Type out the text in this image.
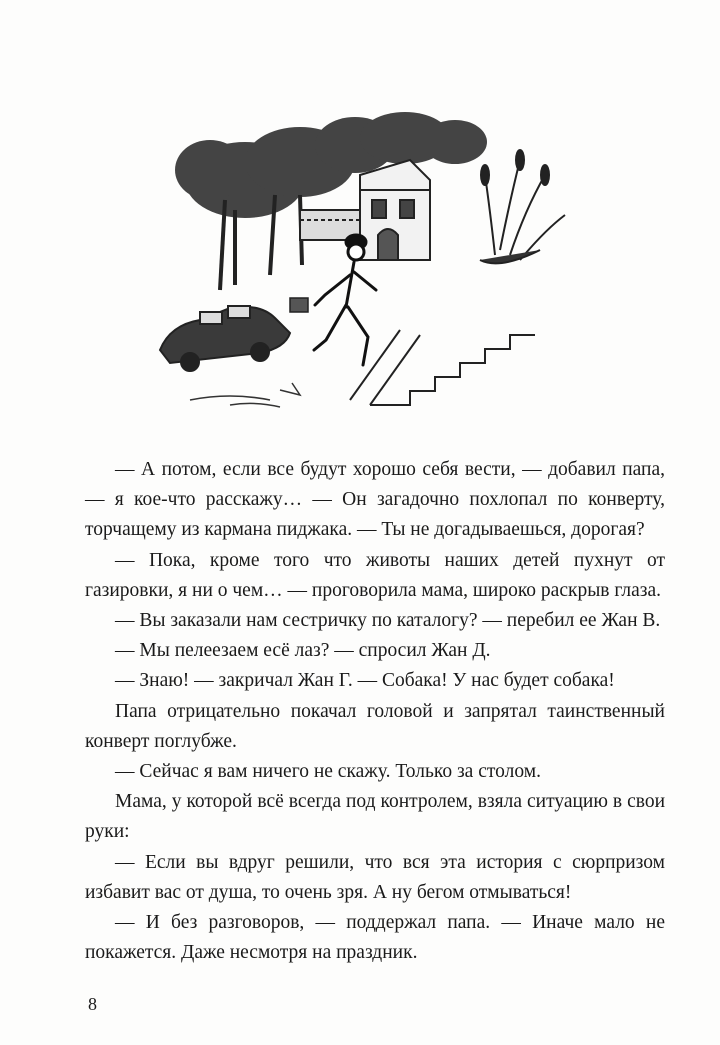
— А потом, если все будут хорошо себя вести, — добавил папа, — я кое-что расскажу… — Он загадочно похлопал по конверту, торчащему из кармана пиджака. — Ты не догадываешься, дорогая?

— Пока, кроме того что животы наших детей пухнут от газировки, я ни о чем… — проговорила мама, широко раскрыв глаза.

— Вы заказали нам сестричку по каталогу? — перебил ее Жан В.

— Мы пелеезаем есё лаз? — спросил Жан Д.

— Знаю! — закричал Жан Г. — Собака! У нас будет собака!

Папа отрицательно покачал головой и запрятал таинственный конверт поглубже.

— Сейчас я вам ничего не скажу. Только за столом.

Мама, у которой всё всегда под контролем, взяла ситуацию в свои руки:

— Если вы вдруг решили, что вся эта история с сюрпризом избавит вас от душа, то очень зря. А ну бегом отмываться!

— И без разговоров, — поддержал папа. — Иначе мало не покажется. Даже несмотря на праздник.

8
